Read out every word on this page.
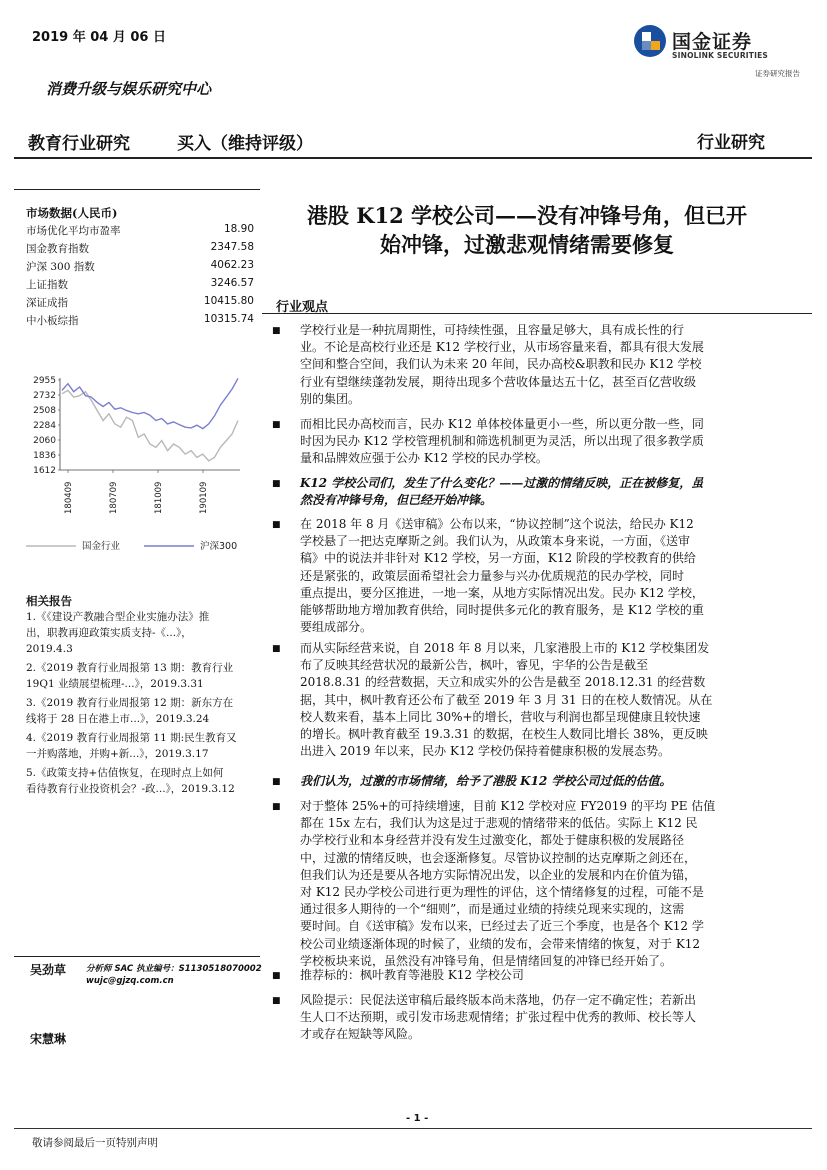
2019 年 04 月 06 日	国金证券
SINOLINK SECURITIES
证券研究报告
消费升级与娱乐研究中心
教育行业研究	买入（维持评级）	行业研究
市场数据(人民币)
市场优化平均市盈率	18.90
国金教育指数	2347.58
沪深 300 指数	4062.23
上证指数	3246.57
深证成指	10415.80
中小板综指	10315.74
2955
2732
2508
2284
2060
1836
1612
180409	180709	181009	190109
国金行业	沪深300
相关报告
1.《《建设产教融合型企业实施办法》推
出，职教再迎政策实质支持-《...》，
2019.4.3
2.《2019 教育行业周报第 13 期：教育行业
19Q1 业绩展望梳理-...》，2019.3.31
3.《2019 教育行业周报第 12 期：新东方在
线将于 28 日在港上市...》，2019.3.24
4.《2019 教育行业周报第 11 期:民生教育又
一并购落地，并购+新...》，2019.3.17
5.《政策支持+估值恢复，在现时点上如何
看待教育行业投资机会？-政...》，2019.3.12
吴劲草 分析师 SAC 执业编号：S1130518070002
wujc@gjzq.com.cn
宋慧琳
港股 K12 学校公司——没有冲锋号角，但已开
始冲锋，过激悲观情绪需要修复
行业观点
■
学校行业是一种抗周期性，可持续性强，且容量足够大，具有成长性的行
业。不论是高校行业还是 K12 学校行业，从市场容量来看，都具有很大发展
空间和整合空间，我们认为未来 20 年间，民办高校&职教和民办 K12 学校
行业有望继续蓬勃发展，期待出现多个营收体量达五十亿，甚至百亿营收级
别的集团。
■
而相比民办高校而言，民办 K12 单体校体量更小一些，所以更分散一些，同
时因为民办 K12 学校管理机制和筛选机制更为灵活，所以出现了很多教学质
量和品牌效应强于公办 K12 学校的民办学校。
■
K12 学校公司们，发生了什么变化？——过激的情绪反映，正在被修复，虽
然没有冲锋号角，但已经开始冲锋。
■
在 2018 年 8 月《送审稿》公布以来，“协议控制”这个说法，给民办 K12
学校悬了一把达克摩斯之剑。我们认为，从政策本身来说，一方面，《送审
稿》中的说法并非针对 K12 学校，另一方面，K12 阶段的学校教育的供给
还是紧张的，政策层面希望社会力量参与兴办优质规范的民办学校，同时
重点提出，要分区推进，一地一案，从地方实际情况出发。民办 K12 学校，
能够帮助地方增加教育供给，同时提供多元化的教育服务，是 K12 学校的重
要组成部分。
■
而从实际经营来说，自 2018 年 8 月以来，几家港股上市的 K12 学校集团发
布了反映其经营状况的最新公告，枫叶，睿见，宇华的公告是截至
2018.8.31 的经营数据，天立和成实外的公告是截至 2018.12.31 的经营数
据，其中，枫叶教育还公布了截至 2019 年 3 月 31 日的在校人数情况。从在
校人数来看，基本上同比 30%+的增长，营收与利润也都呈现健康且较快速
的增长。枫叶教育截至 19.3.31 的数据，在校生人数同比增长 38%，更反映
出进入 2019 年以来，民办 K12 学校仍保持着健康积极的发展态势。
■
我们认为，过激的市场情绪，给予了港股 K12 学校公司过低的估值。
■
对于整体 25%+的可持续增速，目前 K12 学校对应 FY2019 的平均 PE 估值
都在 15x 左右，我们认为这是过于悲观的情绪带来的低估。实际上 K12 民
办学校行业和本身经营并没有发生过激变化，都处于健康积极的发展路径
中，过激的情绪反映，也会逐渐修复。尽管协议控制的达克摩斯之剑还在，
但我们认为还是要从各地方实际情况出发，以企业的发展和内在价值为锚，
对 K12 民办学校公司进行更为理性的评估，这个情绪修复的过程，可能不是
通过很多人期待的一个“细则”，而是通过业绩的持续兑现来实现的，这需
要时间。自《送审稿》发布以来，已经过去了近三个季度，也是各个 K12 学
校公司业绩逐渐体现的时候了，业绩的发布，会带来情绪的恢复，对于 K12
学校板块来说，虽然没有冲锋号角，但是情绪回复的冲锋已经开始了。
■
推荐标的：枫叶教育等港股 K12 学校公司
■
风险提示：民促法送审稿后最终版本尚未落地，仍存一定不确定性；若新出
生人口不达预期，或引发市场悲观情绪；扩张过程中优秀的教师、校长等人
才或存在短缺等风险。
- 1 -
敬请参阅最后一页特别声明
